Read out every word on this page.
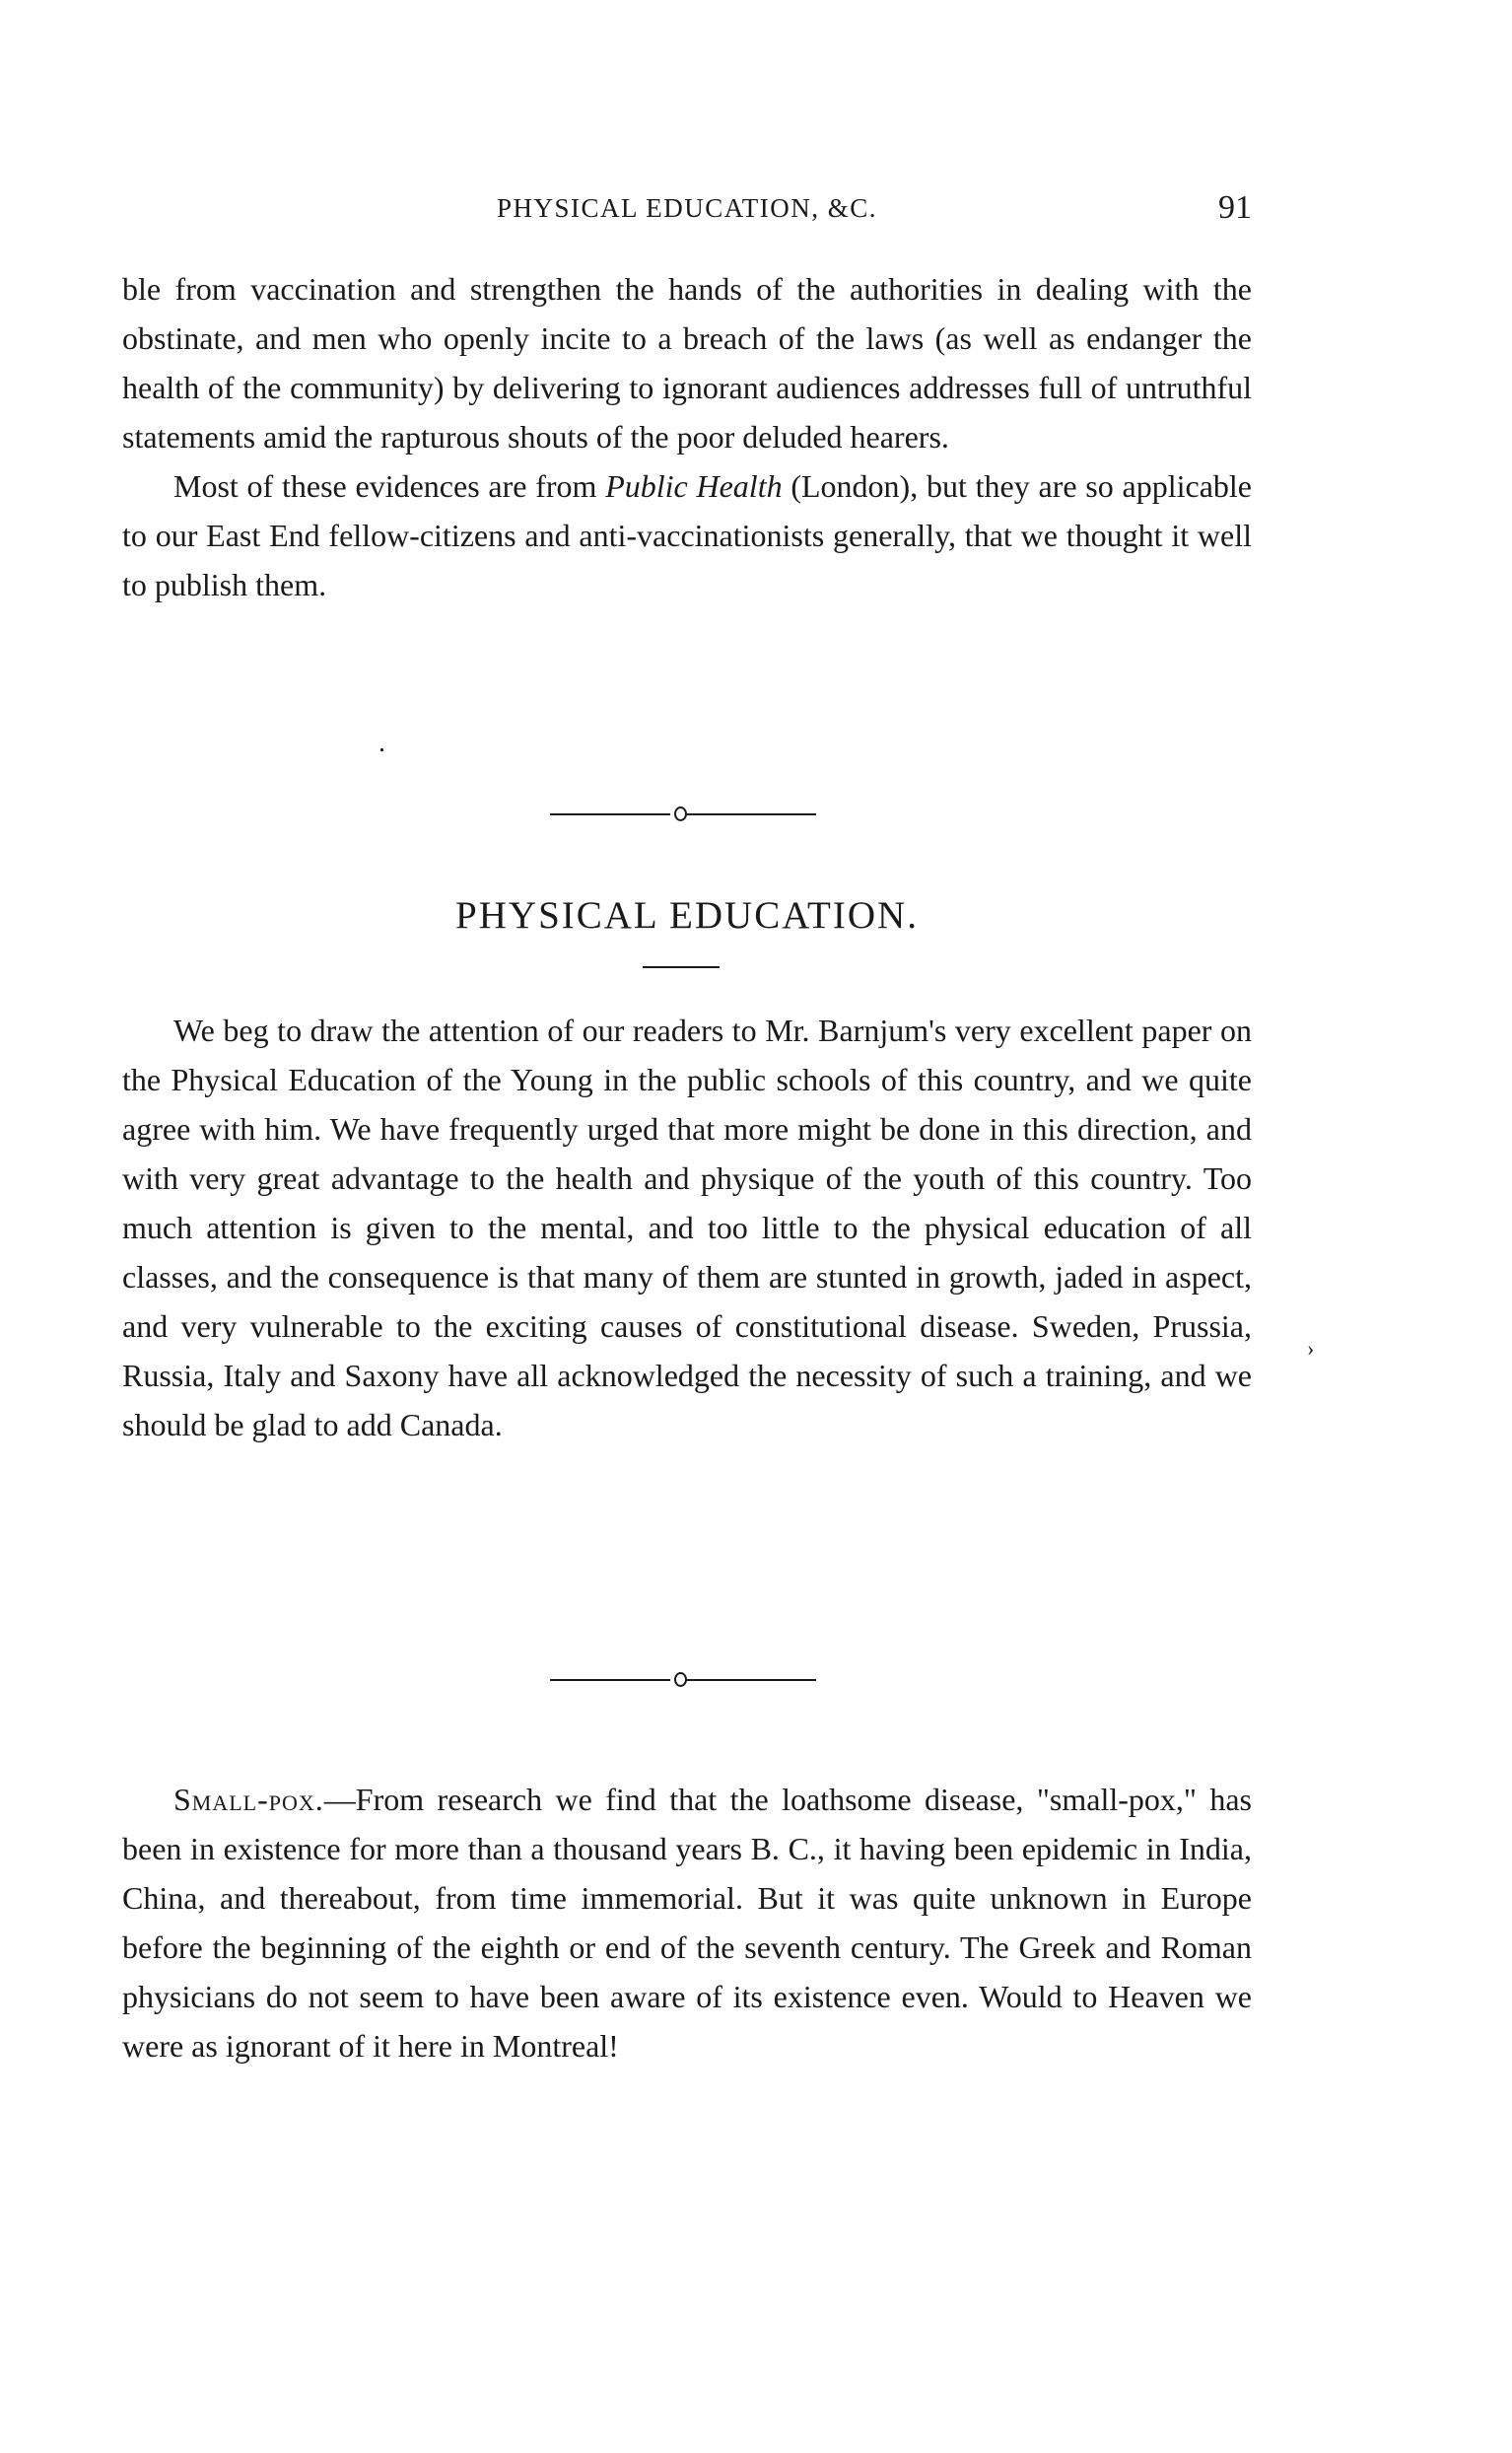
PHYSICAL EDUCATION, &C.	91

ble from vaccination and strengthen the hands of the authorities in dealing with the obstinate, and men who openly incite to a breach of the laws (as well as endanger the health of the community) by delivering to ignorant audiences addresses full of untruthful statements amid the rapturous shouts of the poor deluded hearers.

Most of these evidences are from Public Health (London), but they are so applicable to our East End fellow-citizens and anti-vaccinationists generally, that we thought it well to publish them.

.
PHYSICAL EDUCATION.

We beg to draw the attention of our readers to Mr. Barnjum's very excellent paper on the Physical Education of the Young in the public schools of this country, and we quite agree with him. We have frequently urged that more might be done in this direction, and with very great advantage to the health and physique of the youth of this country. Too much attention is given to the mental, and too little to the physical education of all classes, and the consequence is that many of them are stunted in growth, jaded in aspect, and very vulnerable to the exciting causes of constitutional disease. Sweden, Prussia, Russia, Italy and Saxony have all acknowledged the necessity of such a training, and we should be glad to add Canada.

›

Small-pox.—From research we find that the loathsome disease, "small-pox," has been in existence for more than a thousand years B. C., it having been epidemic in India, China, and thereabout, from time immemorial. But it was quite unknown in Europe before the beginning of the eighth or end of the seventh century. The Greek and Roman physicians do not seem to have been aware of its existence even. Would to Heaven we were as ignorant of it here in Montreal!
